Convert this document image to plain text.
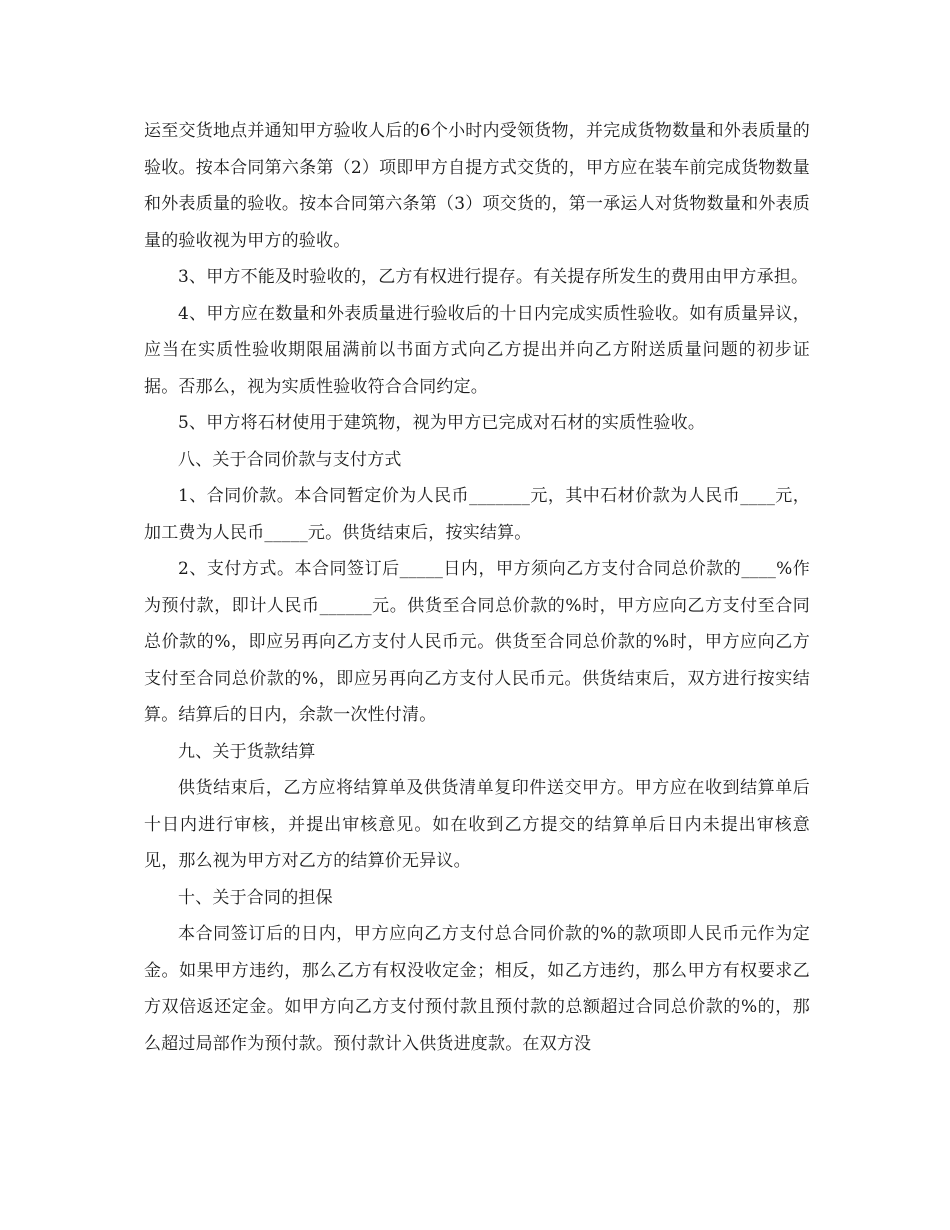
运至交货地点并通知甲方验收人后的6个小时内受领货物，并完成货物数量和外表质量的验收。按本合同第六条第（2）项即甲方自提方式交货的，甲方应在装车前完成货物数量和外表质量的验收。按本合同第六条第（3）项交货的，第一承运人对货物数量和外表质量的验收视为甲方的验收。

3、甲方不能及时验收的，乙方有权进行提存。有关提存所发生的费用由甲方承担。

4、甲方应在数量和外表质量进行验收后的十日内完成实质性验收。如有质量异议，应当在实质性验收期限届满前以书面方式向乙方提出并向乙方附送质量问题的初步证据。否那么，视为实质性验收符合合同约定。

5、甲方将石材使用于建筑物，视为甲方已完成对石材的实质性验收。

八、关于合同价款与支付方式

1、合同价款。本合同暂定价为人民币_______元，其中石材价款为人民币____元，加工费为人民币_____元。供货结束后，按实结算。

2、支付方式。本合同签订后_____日内，甲方须向乙方支付合同总价款的____%作为预付款，即计人民币______元。供货至合同总价款的%时，甲方应向乙方支付至合同总价款的%，即应另再向乙方支付人民币元。供货至合同总价款的%时，甲方应向乙方支付至合同总价款的%，即应另再向乙方支付人民币元。供货结束后，双方进行按实结算。结算后的日内，余款一次性付清。

九、关于货款结算

供货结束后，乙方应将结算单及供货清单复印件送交甲方。甲方应在收到结算单后十日内进行审核，并提出审核意见。如在收到乙方提交的结算单后日内未提出审核意见，那么视为甲方对乙方的结算价无异议。

十、关于合同的担保

本合同签订后的日内，甲方应向乙方支付总合同价款的%的款项即人民币元作为定金。如果甲方违约，那么乙方有权没收定金；相反，如乙方违约，那么甲方有权要求乙方双倍返还定金。如甲方向乙方支付预付款且预付款的总额超过合同总价款的%的，那么超过局部作为预付款。预付款计入供货进度款。在双方没
